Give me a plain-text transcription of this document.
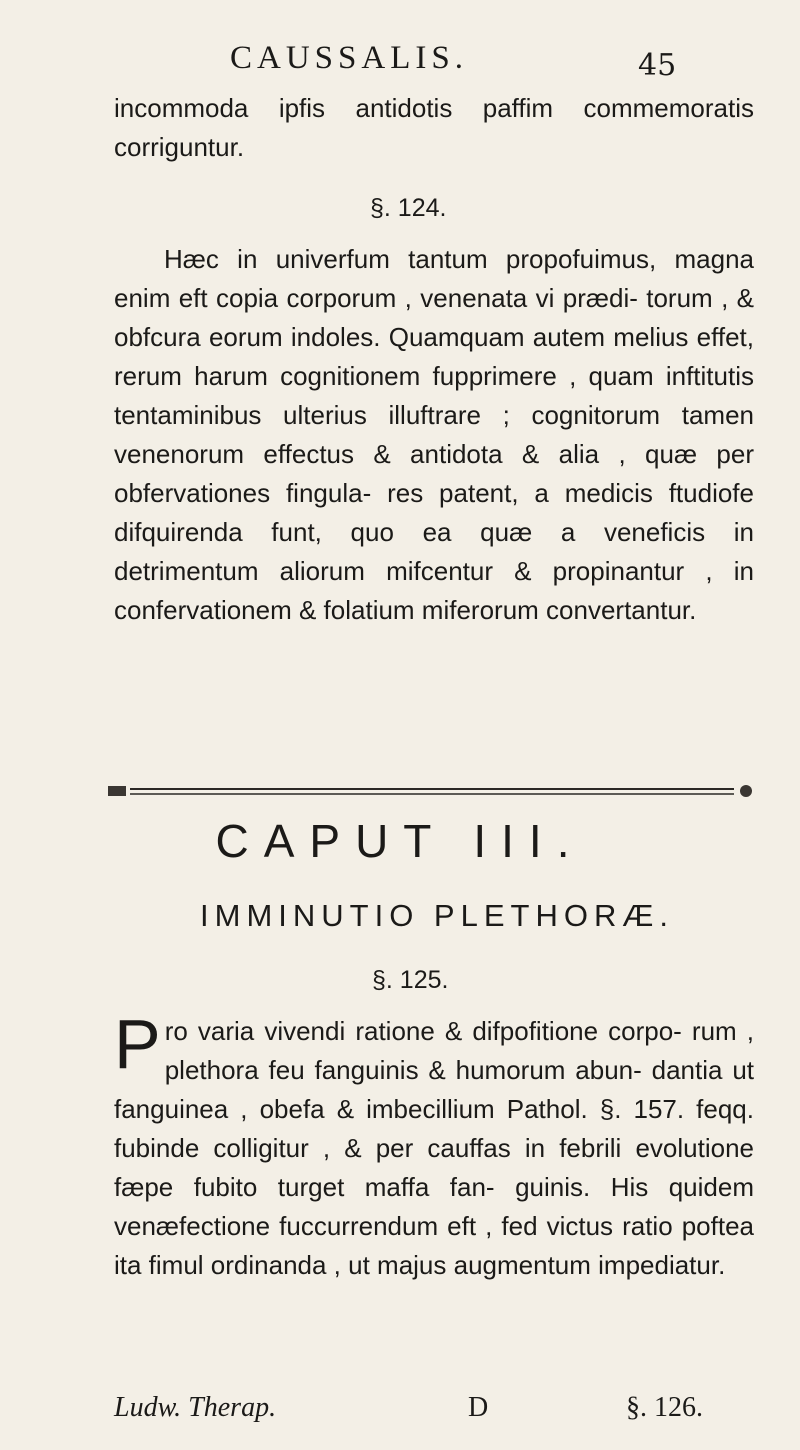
CAUSSALIS.	45
incommoda ipfis antidotis paffim commemoratis corriguntur.
§. 124.
Hæc in univerfum tantum propofuimus, magna enim eft copia corporum , venenata vi prædi- torum , & obfcura eorum indoles. Quamquam autem melius effet, rerum harum cognitionem fupprimere , quam inftitutis tentaminibus ulterius illuftrare ; cognitorum tamen venenorum effectus & antidota & alia , quæ per obfervationes fingula- res patent, a medicis ftudiofe difquirenda funt, quo ea quæ a veneficis in detrimentum aliorum mifcentur & propinantur , in confervationem & folatium miferorum convertantur.
CAPUT III.
IMMINUTIO PLETHORÆ.
§. 125.
P ro varia vivendi ratione & difpofitione corpo- rum , plethora feu fanguinis & humorum abun- dantia ut fanguinea , obefa & imbecillium Pathol. §. 157. feqq. fubinde colligitur , & per cauffas in febrili evolutione fæpe fubito turget maffa fan- guinis. His quidem venæfectione fuccurrendum eft , fed victus ratio poftea ita fimul ordinanda , ut majus augmentum impediatur.
Ludw. Therap.	D	§. 126.
